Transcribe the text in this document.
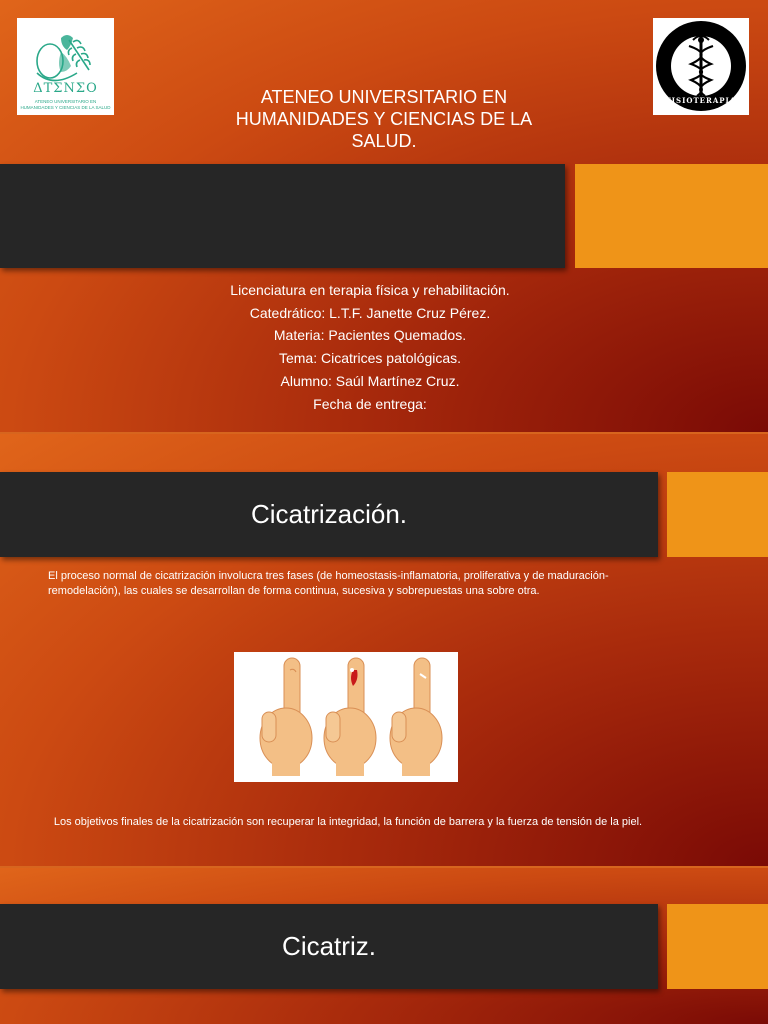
ΔΤΣΝΣΟ
ATENEO UNIVERSITARIO EN HUMANIDADES Y CIENCIAS DE LA SALUD
FISIOTERAPIA
ATENEO UNIVERSITARIO EN HUMANIDADES Y CIENCIAS DE LA SALUD.
Licenciatura en terapia física y rehabilitación.
Catedrático: L.T.F. Janette Cruz Pérez.
Materia: Pacientes Quemados.
Tema: Cicatrices patológicas.
Alumno: Saúl Martínez Cruz.
Fecha de entrega:
Cicatrización.
El proceso normal de cicatrización involucra tres fases (de homeostasis-inflamatoria, proliferativa y de maduración-remodelación), las cuales se desarrollan de forma continua, sucesiva y sobrepuestas una sobre otra.
Los objetivos finales de la cicatrización son recuperar la integridad, la función de barrera y la fuerza de tensión de la piel.
Cicatriz.
